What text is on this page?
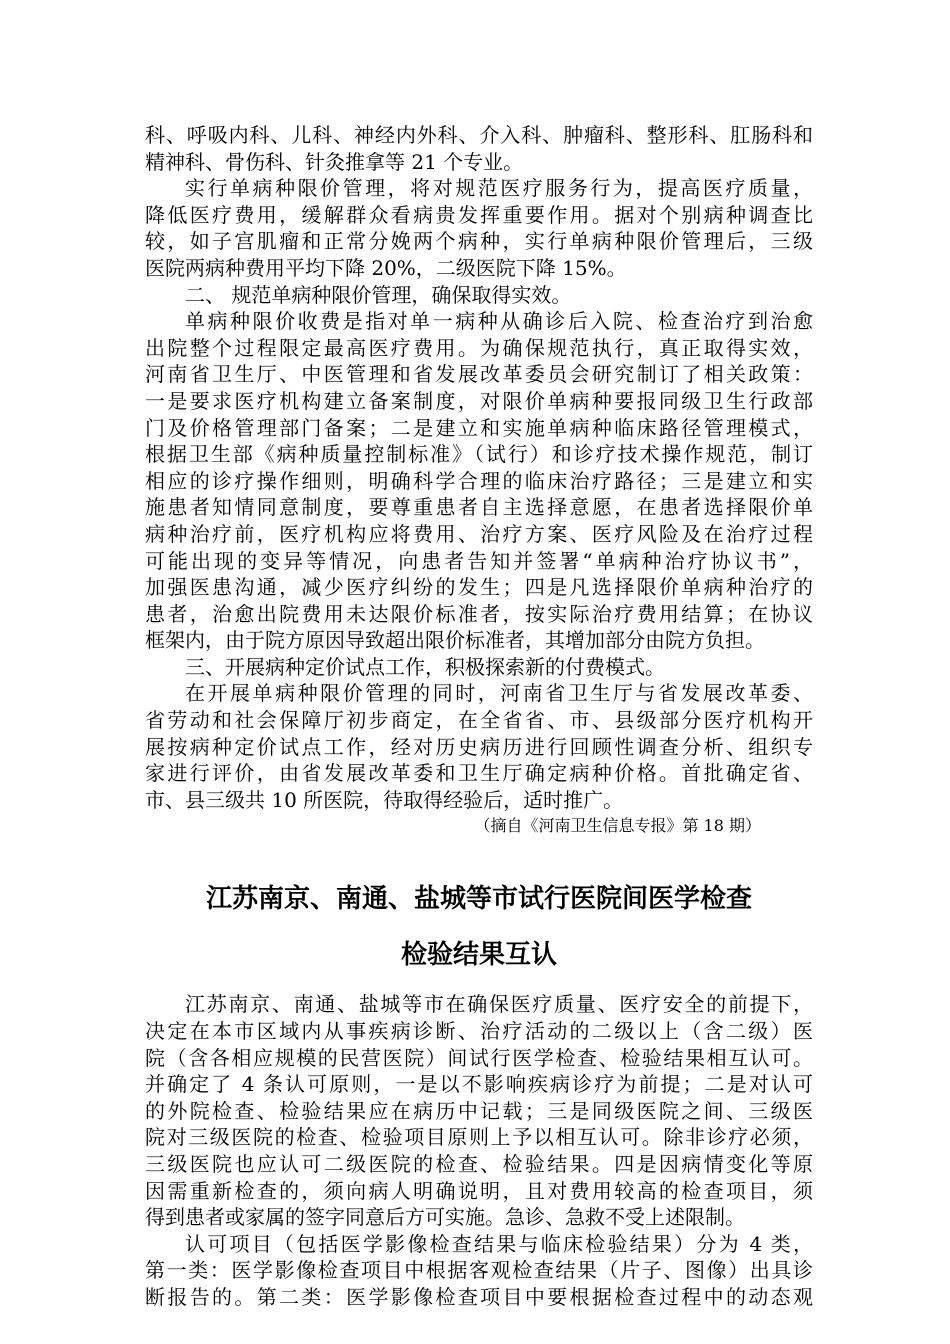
科、呼吸内科、儿科、神经内外科、介入科、肿瘤科、整形科、肛肠科和
精神科、骨伤科、针灸推拿等 21 个专业。
实行单病种限价管理，将对规范医疗服务行为，提高医疗质量，
降低医疗费用，缓解群众看病贵发挥重要作用。据对个别病种调查比
较，如子宫肌瘤和正常分娩两个病种，实行单病种限价管理后，三级
医院两病种费用平均下降 20%，二级医院下降 15%。
二、 规范单病种限价管理，确保取得实效。
单病种限价收费是指对单一病种从确诊后入院、检查治疗到治愈
出院整个过程限定最高医疗费用。为确保规范执行，真正取得实效，
河南省卫生厅、中医管理和省发展改革委员会研究制订了相关政策：
一是要求医疗机构建立备案制度，对限价单病种要报同级卫生行政部
门及价格管理部门备案；二是建立和实施单病种临床路径管理模式，
根据卫生部《病种质量控制标准》（试行）和诊疗技术操作规范，制订
相应的诊疗操作细则，明确科学合理的临床治疗路径；三是建立和实
施患者知情同意制度，要尊重患者自主选择意愿，在患者选择限价单
病种治疗前，医疗机构应将费用、治疗方案、医疗风险及在治疗过程
可能出现的变异等情况，向患者告知并签署“单病种治疗协议书”，
加强医患沟通，减少医疗纠纷的发生；四是凡选择限价单病种治疗的
患者，治愈出院费用未达限价标准者，按实际治疗费用结算；在协议
框架内，由于院方原因导致超出限价标准者，其增加部分由院方负担。
三、开展病种定价试点工作，积极探索新的付费模式。
在开展单病种限价管理的同时，河南省卫生厅与省发展改革委、
省劳动和社会保障厅初步商定，在全省省、市、县级部分医疗机构开
展按病种定价试点工作，经对历史病历进行回顾性调查分析、组织专
家进行评价，由省发展改革委和卫生厅确定病种价格。首批确定省、
市、县三级共 10 所医院，待取得经验后，适时推广。
（摘自《河南卫生信息专报》第 18 期）
江苏南京、南通、盐城等市试行医院间医学检查
检验结果互认
江苏南京、南通、盐城等市在确保医疗质量、医疗安全的前提下，
决定在本市区域内从事疾病诊断、治疗活动的二级以上（含二级）医
院（含各相应规模的民营医院）间试行医学检查、检验结果相互认可。
并确定了 4 条认可原则，一是以不影响疾病诊疗为前提；二是对认可
的外院检查、检验结果应在病历中记载；三是同级医院之间、三级医
院对三级医院的检查、检验项目原则上予以相互认可。除非诊疗必须，
三级医院也应认可二级医院的检查、检验结果。四是因病情变化等原
因需重新检查的，须向病人明确说明，且对费用较高的检查项目，须
得到患者或家属的签字同意后方可实施。急诊、急救不受上述限制。
认可项目（包括医学影像检查结果与临床检验结果）分为 4 类，
第一类：医学影像检查项目中根据客观检查结果（片子、图像）出具诊
断报告的。第二类：医学影像检查项目中要根据检查过程中的动态观
